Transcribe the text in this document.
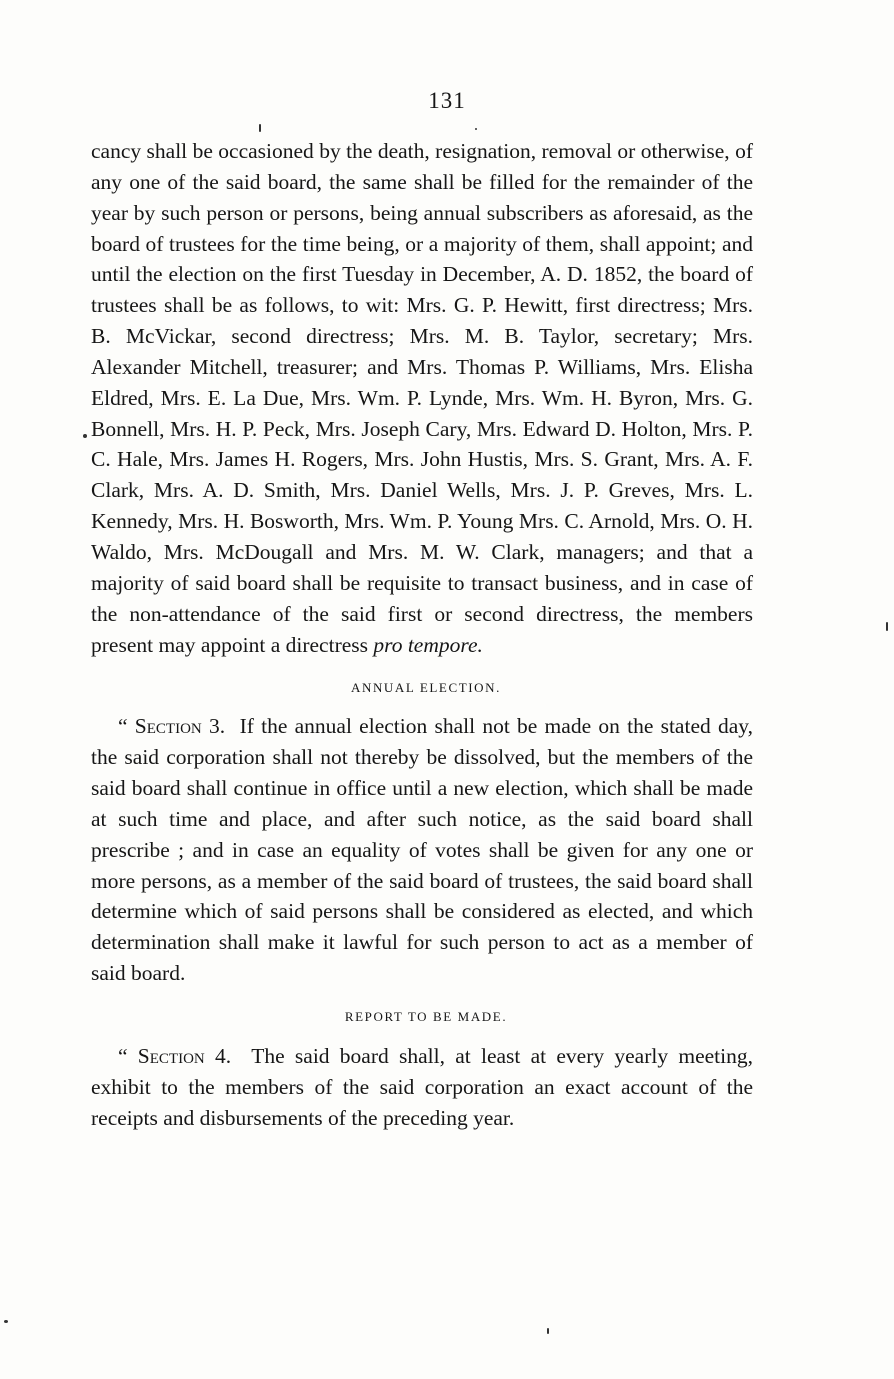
131

cancy shall be occasioned by the death, resignation, removal or otherwise, of any one of the said board, the same shall be filled for the remainder of the year by such person or persons, being annual subscribers as aforesaid, as the board of trustees for the time being, or a majority of them, shall appoint; and until the election on the first Tuesday in December, A. D. 1852, the board of trustees shall be as follows, to wit: Mrs. G. P. Hewitt, first directress; Mrs. B. McVickar, second directress; Mrs. M. B. Taylor, secretary; Mrs. Alexander Mitchell, treasurer; and Mrs. Thomas P. Williams, Mrs. Elisha Eldred, Mrs. E. La Due, Mrs. Wm. P. Lynde, Mrs. Wm. H. Byron, Mrs. G. Bonnell, Mrs. H. P. Peck, Mrs. Joseph Cary, Mrs. Edward D. Holton, Mrs. P. C. Hale, Mrs. James H. Rogers, Mrs. John Hustis, Mrs. S. Grant, Mrs. A. F. Clark, Mrs. A. D. Smith, Mrs. Daniel Wells, Mrs. J. P. Greves, Mrs. L. Kennedy, Mrs. H. Bosworth, Mrs. Wm. P. Young Mrs. C. Arnold, Mrs. O. H. Waldo, Mrs. McDougall and Mrs. M. W. Clark, managers; and that a majority of said board shall be requisite to transact business, and in case of the non-attendance of the said first or second directress, the members present may appoint a directress pro tempore.

ANNUAL ELECTION.

“ Section 3. If the annual election shall not be made on the stated day, the said corporation shall not thereby be dissolved, but the members of the said board shall continue in office until a new election, which shall be made at such time and place, and after such notice, as the said board shall prescribe ; and in case an equality of votes shall be given for any one or more persons, as a member of the said board of trustees, the said board shall determine which of said persons shall be considered as elected, and which determination shall make it lawful for such person to act as a member of said board.

REPORT TO BE MADE.

“ Section 4. The said board shall, at least at every yearly meeting, exhibit to the members of the said corporation an exact account of the receipts and disbursements of the preceding year.
